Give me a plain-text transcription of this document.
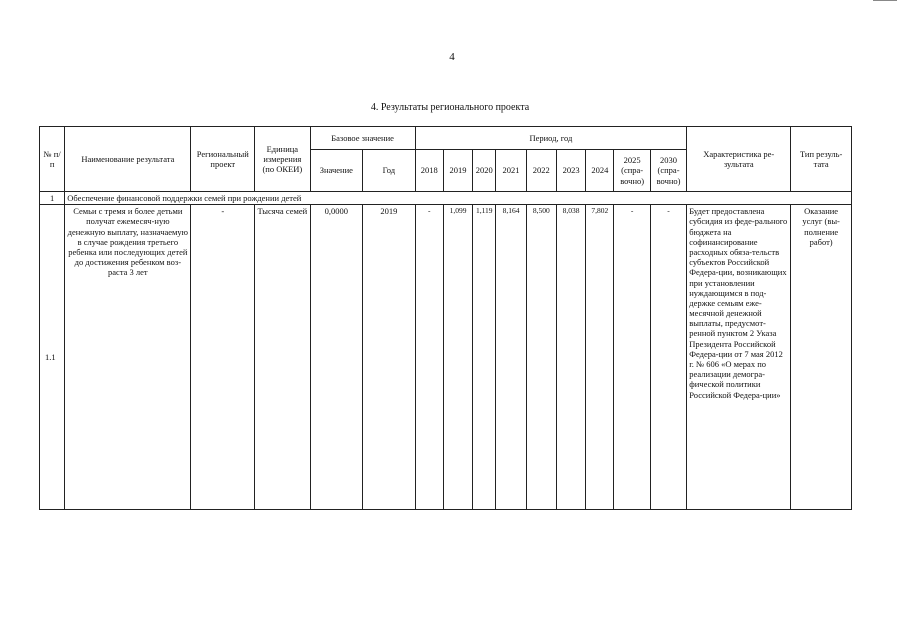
4
4. Результаты регионального проекта
№ п/п	Наименование результата	Региональный проект	Единица измерения (по ОКЕИ)	Базовое значение		Период, год									Характеристика ре-зультата	Тип резуль-тата
				Значение	Год	2018	2019	2020	2021	2022	2023	2024	2025 (спра-вочно)	2030 (спра-вочно)		
1	Обеспечение финансовой поддержки семей при рождении детей															
1.1	Семьи с тремя и более детьми получат ежемесяч-ную денежную выплату, назначаемую в случае рождения третьего ребенка или последующих детей до достижения ребенком воз-раста 3 лет	-	Тысяча семей	0,0000	2019	-	1,099	1,119	8,164	8,500	8,038	7,802	-	-	Будет предоставлена субсидия из феде-рального бюджета на софинансирование расходных обяза-тельств субъектов Российской Федера-ции, возникающих при установлении нуждающимся в под-держке семьям еже-месячной денежной выплаты, предусмот-ренной пунктом 2 Указа Президента Российской Федера-ции от 7 мая 2012 г. № 606 «О мерах по реализации демогра-фической политики Российской Федера-ции»	Оказание услуг (вы-полнение работ)
